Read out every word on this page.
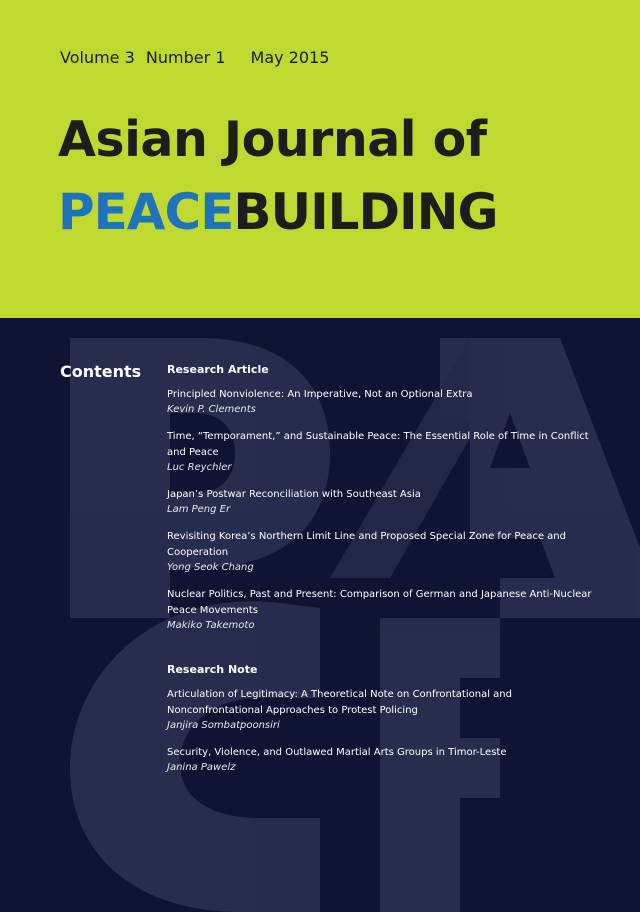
Volume 3 Number 1 May 2015
Asian Journal of
PEACEBUILDING
Contents Research Article
Principled Nonviolence: An Imperative, Not an Optional Extra
Kevin P. Clements
Time, “Temporament,” and Sustainable Peace: The Essential Role of Time in Conflict and Peace
Luc Reychler
Japan’s Postwar Reconciliation with Southeast Asia
Lam Peng Er
Revisiting Korea’s Northern Limit Line and Proposed Special Zone for Peace and Cooperation
Yong Seok Chang
Nuclear Politics, Past and Present: Comparison of German and Japanese Anti-Nuclear Peace Movements
Makiko Takemoto
Research Note
Articulation of Legitimacy: A Theoretical Note on Confrontational and Nonconfrontational Approaches to Protest Policing
Janjira Sombatpoonsiri
Security, Violence, and Outlawed Martial Arts Groups in Timor-Leste
Janina Pawelz
